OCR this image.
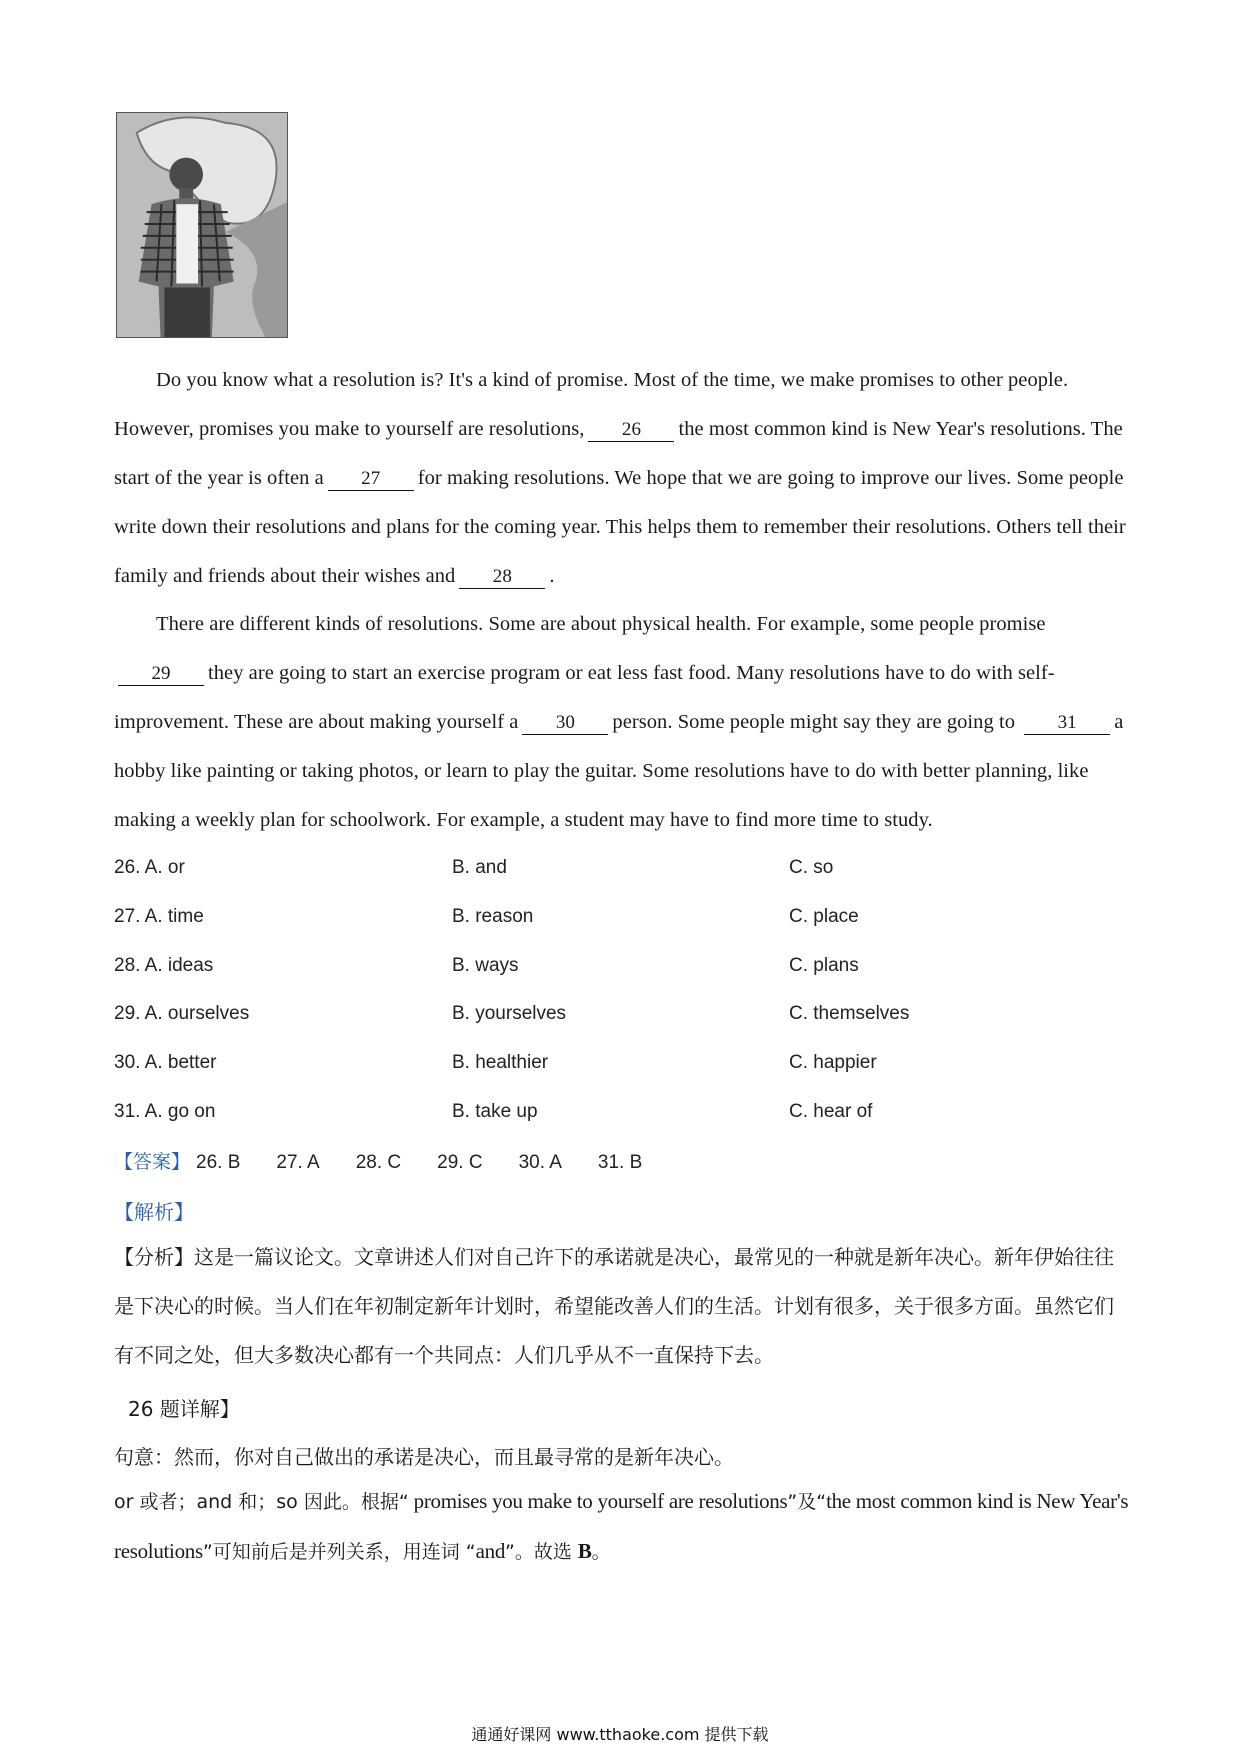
Do you know what a resolution is? It's a kind of promise. Most of the time, we make promises to other people. However, promises you make to yourself are resolutions, 26 the most common kind is New Year's resolutions. The start of the year is often a 27 for making resolutions. We hope that we are going to improve our lives. Some people write down their resolutions and plans for the coming year. This helps them to remember their resolutions. Others tell their family and friends about their wishes and 28 .

There are different kinds of resolutions. Some are about physical health. For example, some people promise 29 they are going to start an exercise program or eat less fast food. Many resolutions have to do with self-improvement. These are about making yourself a 30 person. Some people might say they are going to 31 a hobby like painting or taking photos, or learn to play the guitar. Some resolutions have to do with better planning, like making a weekly plan for schoolwork. For example, a student may have to find more time to study.

26. A. or	B. and	C. so
27. A. time	B. reason	C. place
28. A. ideas	B. ways	C. plans
29. A. ourselves	B. yourselves	C. themselves
30. A. better	B. healthier	C. happier
31. A. go on	B. take up	C. hear of
【答案】 26. B 27. A 28. C 29. C 30. A 31. B
【解析】

【分析】这是一篇议论文。文章讲述人们对自己许下的承诺就是决心，最常见的一种就是新年决心。新年伊始往往是下决心的时候。当人们在年初制定新年计划时，希望能改善人们的生活。计划有很多，关于很多方面。虽然它们有不同之处，但大多数决心都有一个共同点：人们几乎从不一直保持下去。

26 题详解】
句意：然而，你对自己做出的承诺是决心，而且最寻常的是新年决心。

or 或者；and 和；so 因此。根据“ promises you make to yourself are resolutions”及“the most common kind is New Year's resolutions”可知前后是并列关系，用连词 “and”。故选 B。

通通好课网 www.tthaoke.com 提供下载
